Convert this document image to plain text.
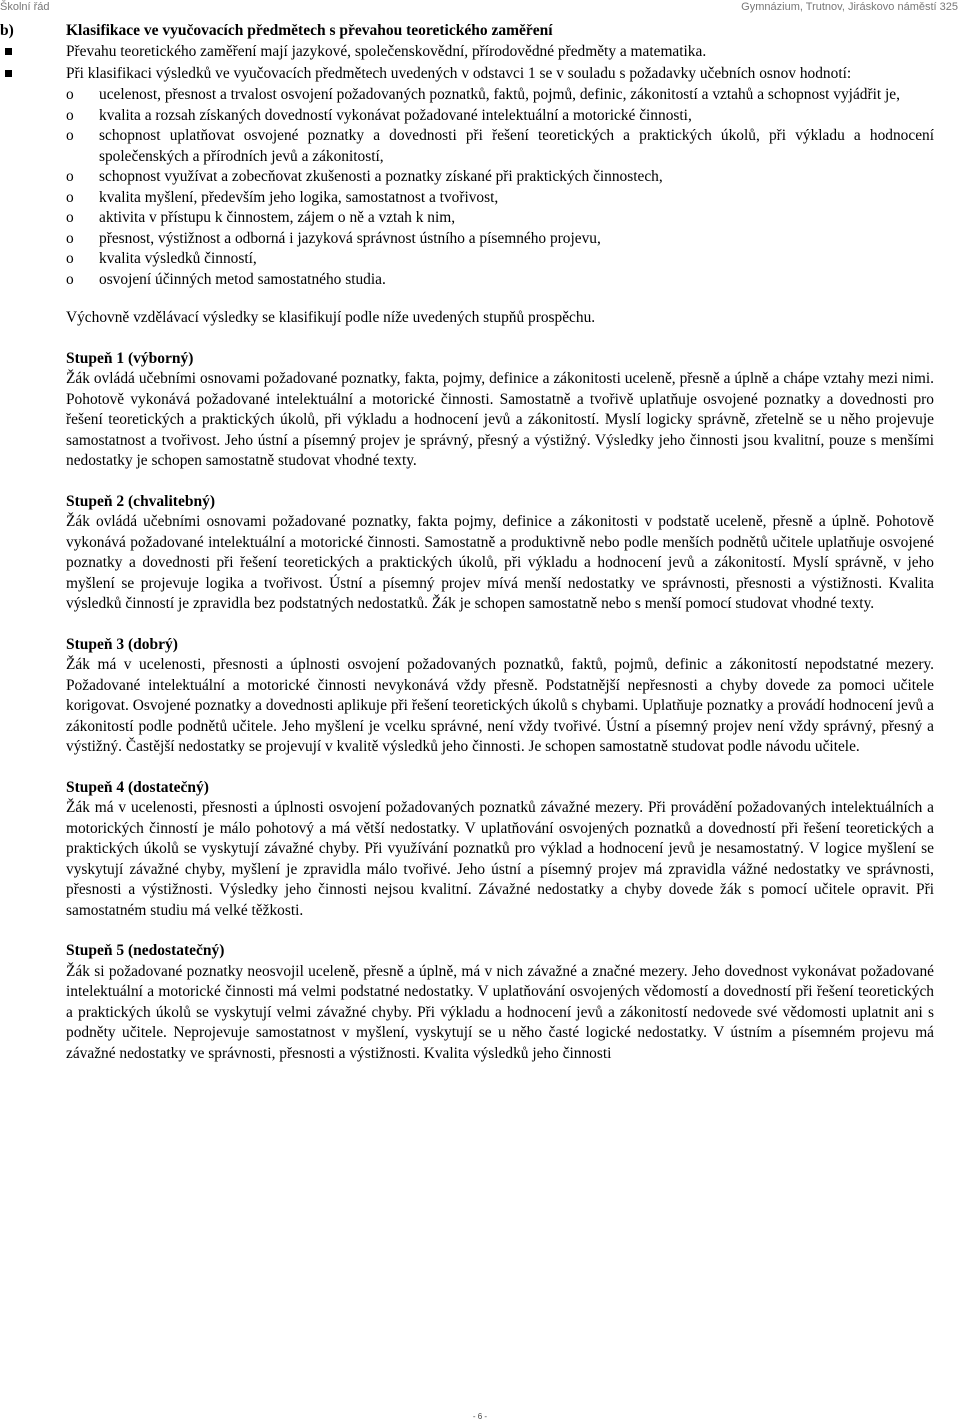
Školní řád	Gymnázium, Trutnov, Jiráskovo náměstí 325
b)	Klasifikace ve vyučovacích předmětech s převahou teoretického zaměření
Převahu teoretického zaměření mají jazykové, společenskovědní, přírodovědné předměty a matematika.
Při klasifikaci výsledků ve vyučovacích předmětech uvedených v odstavci 1 se v souladu s požadavky učebních osnov hodnotí:
o ucelenost, přesnost a trvalost osvojení požadovaných poznatků, faktů, pojmů, definic, zákonitostí a vztahů a schopnost vyjádřit je,
o kvalita a rozsah získaných dovedností vykonávat požadované intelektuální a motorické činnosti,
o schopnost uplatňovat osvojené poznatky a dovednosti při řešení teoretických a praktických úkolů, při výkladu a hodnocení společenských a přírodních jevů a zákonitostí,
o schopnost využívat a zobecňovat zkušenosti a poznatky získané při praktických činnostech,
o kvalita myšlení, především jeho logika, samostatnost a tvořivost,
o aktivita v přístupu k činnostem, zájem o ně a vztah k nim,
o přesnost, výstižnost a odborná i jazyková správnost ústního a písemného projevu,
o kvalita výsledků činností,
o osvojení účinných metod samostatného studia.
Výchovně vzdělávací výsledky se klasifikují podle níže uvedených stupňů prospěchu.
Stupeň 1 (výborný)
Žák ovládá učebními osnovami požadované poznatky, fakta, pojmy, definice a zákonitosti uceleně, přesně a úplně a chápe vztahy mezi nimi. Pohotově vykonává požadované intelektuální a motorické činnosti. Samostatně a tvořivě uplatňuje osvojené poznatky a dovednosti pro řešení teoretických a praktických úkolů, při výkladu a hodnocení jevů a zákonitostí. Myslí logicky správně, zřetelně se u něho projevuje samostatnost a tvořivost. Jeho ústní a písemný projev je správný, přesný a výstižný. Výsledky jeho činnosti jsou kvalitní, pouze s menšími nedostatky je schopen samostatně studovat vhodné texty.
Stupeň 2 (chvalitebný)
Žák ovládá učebními osnovami požadované poznatky, fakta pojmy, definice a zákonitosti v podstatě uceleně, přesně a úplně. Pohotově vykonává požadované intelektuální a motorické činnosti. Samostatně a produktivně nebo podle menších podnětů učitele uplatňuje osvojené poznatky a dovednosti při řešení teoretických a praktických úkolů, při výkladu a hodnocení jevů a zákonitostí. Myslí správně, v jeho myšlení se projevuje logika a tvořivost. Ústní a písemný projev mívá menší nedostatky ve správnosti, přesnosti a výstižnosti. Kvalita výsledků činností je zpravidla bez podstatných nedostatků. Žák je schopen samostatně nebo s menší pomocí studovat vhodné texty.
Stupeň 3 (dobrý)
Žák má v ucelenosti, přesnosti a úplnosti osvojení požadovaných poznatků, faktů, pojmů, definic a zákonitostí nepodstatné mezery. Požadované intelektuální a motorické činnosti nevykonává vždy přesně. Podstatnější nepřesnosti a chyby dovede za pomoci učitele korigovat. Osvojené poznatky a dovednosti aplikuje při řešení teoretických úkolů s chybami. Uplatňuje poznatky a provádí hodnocení jevů a zákonitostí podle podnětů učitele. Jeho myšlení je vcelku správné, není vždy tvořivé. Ústní a písemný projev není vždy správný, přesný a výstižný. Častější nedostatky se projevují v kvalitě výsledků jeho činnosti. Je schopen samostatně studovat podle návodu učitele.
Stupeň 4 (dostatečný)
Žák má v ucelenosti, přesnosti a úplnosti osvojení požadovaných poznatků závažné mezery. Při provádění požadovaných intelektuálních a motorických činností je málo pohotový a má větší nedostatky. V uplatňování osvojených poznatků a dovedností při řešení teoretických a praktických úkolů se vyskytují závažné chyby. Při využívání poznatků pro výklad a hodnocení jevů je nesamostatný. V logice myšlení se vyskytují závažné chyby, myšlení je zpravidla málo tvořivé. Jeho ústní a písemný projev má zpravidla vážné nedostatky ve správnosti, přesnosti a výstižnosti. Výsledky jeho činnosti nejsou kvalitní. Závažné nedostatky a chyby dovede žák s pomocí učitele opravit. Při samostatném studiu má velké těžkosti.
Stupeň 5 (nedostatečný)
Žák si požadované poznatky neosvojil uceleně, přesně a úplně, má v nich závažné a značné mezery. Jeho dovednost vykonávat požadované intelektuální a motorické činnosti má velmi podstatné nedostatky. V uplatňování osvojených vědomostí a dovedností při řešení teoretických a praktických úkolů se vyskytují velmi závažné chyby. Při výkladu a hodnocení jevů a zákonitostí nedovede své vědomosti uplatnit ani s podněty učitele. Neprojevuje samostatnost v myšlení, vyskytují se u něho časté logické nedostatky. V ústním a písemném projevu má závažné nedostatky ve správnosti, přesnosti a výstižnosti. Kvalita výsledků jeho činnosti
- 6 -
